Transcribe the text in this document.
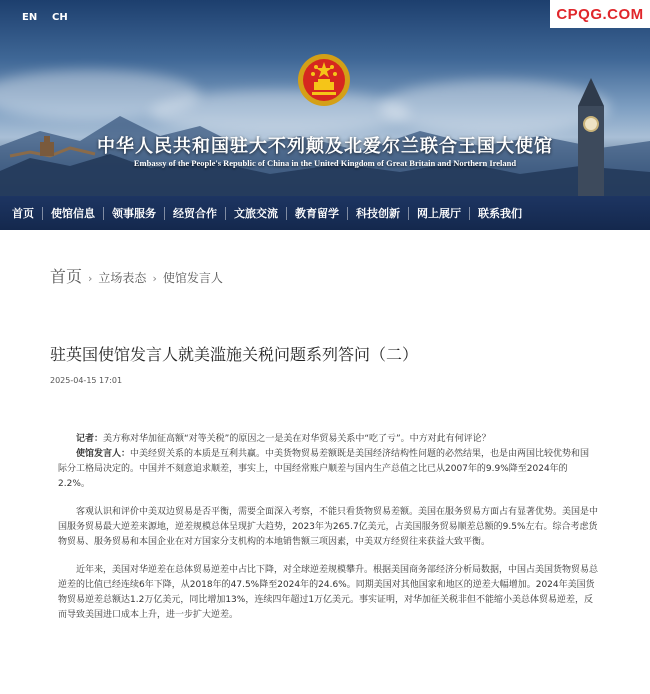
EN CH	CPQG.COM
中华人民共和国驻大不列颠及北爱尔兰联合王国大使馆
Embassy of the People's Republic of China in the United Kingdom of Great Britain and Northern Ireland
首页	使馆信息	领事服务	经贸合作	文旅交流	教育留学	科技创新	网上展厅	联系我们
首页 › 立场表态 › 使馆发言人
驻英国使馆发言人就美滥施关税问题系列答问（二）
2025-04-15 17:01

记者：美方称对华加征高额“对等关税”的原因之一是美在对华贸易关系中“吃了亏”。中方对此有何评论？

使馆发言人：中美经贸关系的本质是互利共赢。中美货物贸易差额既是美国经济结构性问题的必然结果，也是由两国比较优势和国际分工格局决定的。中国并不刻意追求顺差，事实上，中国经常账户顺差与国内生产总值之比已从2007年的9.9%降至2024年的2.2%。

客观认识和评价中美双边贸易是否平衡，需要全面深入考察，不能只看货物贸易差额。美国在服务贸易方面占有显著优势。美国是中国服务贸易最大逆差来源地，逆差规模总体呈现扩大趋势，2023年为265.7亿美元，占美国服务贸易顺差总额的9.5%左右。综合考虑货物贸易、服务贸易和本国企业在对方国家分支机构的本地销售额三项因素，中美双方经贸往来获益大致平衡。

近年来，美国对华逆差在总体贸易逆差中占比下降，对全球逆差规模攀升。根据美国商务部经济分析局数据，中国占美国货物贸易总逆差的比值已经连续6年下降，从2018年的47.5%降至2024年的24.6%。同期美国对其他国家和地区的逆差大幅增加。2024年美国货物贸易逆差总额达1.2万亿美元，同比增加13%，连续四年超过1万亿美元。事实证明，对华加征关税非但不能缩小美总体贸易逆差，反而导致美国进口成本上升，进一步扩大逆差。
